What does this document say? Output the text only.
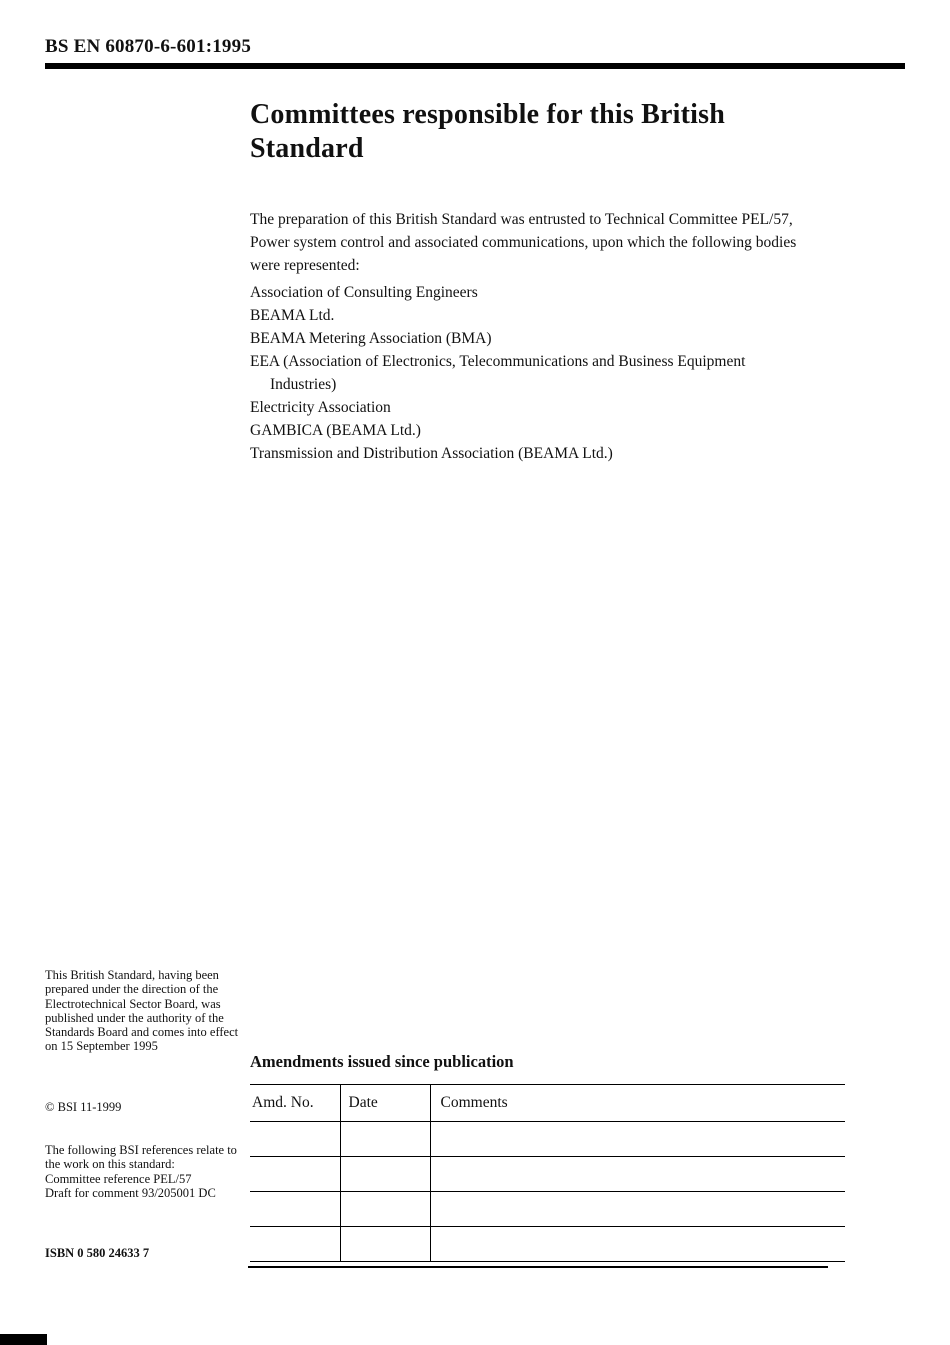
BS EN 60870-6-601:1995
Committees responsible for this British Standard

The preparation of this British Standard was entrusted to Technical Committee PEL/57, Power system control and associated communications, upon which the following bodies were represented:

Association of Consulting Engineers
BEAMA Ltd.
BEAMA Metering Association (BMA)
EEA (Association of Electronics, Telecommunications and Business Equipment Industries)
Electricity Association
GAMBICA (BEAMA Ltd.)
Transmission and Distribution Association (BEAMA Ltd.)
This British Standard, having been prepared under the direction of the Electrotechnical Sector Board, was published under the authority of the Standards Board and comes into effect on 15 September 1995
© BSI 11-1999
The following BSI references relate to the work on this standard:
Committee reference PEL/57
Draft for comment 93/205001 DC
ISBN 0 580 24633 7
Amendments issued since publication
Amd. No.	Date	Comments
